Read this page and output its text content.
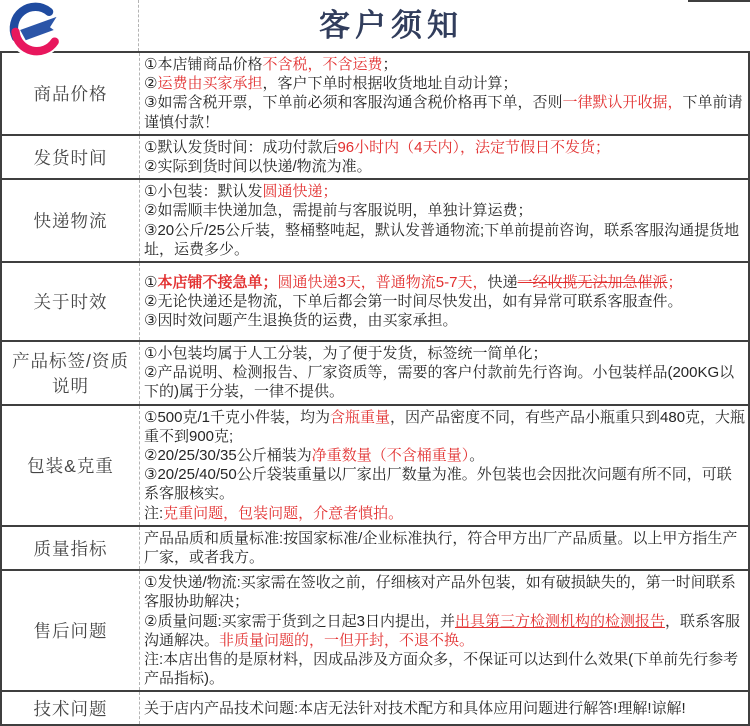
客户须知
商品价格
①本店铺商品价格不含税，不含运费；
②运费由买家承担，客户下单时根据收货地址自动计算；
③如需含税开票，下单前必须和客服沟通含税价格再下单，否则一律默认开收据，下单前请谨慎付款！
发货时间
①默认发货时间：成功付款后96小时内（4天内），法定节假日不发货；
②实际到货时间以快递/物流为准。
快递物流
①小包装：默认发圆通快递；
②如需顺丰快递加急，需提前与客服说明，单独计算运费；
③20公斤/25公斤装，整桶整吨起，默认发普通物流;下单前提前咨询，联系客服沟通提货地址，运费多少。
关于时效
①本店铺不接急单；圆通快递3天，普通物流5-7天，快递一经收揽无法加急催派；
②无论快递还是物流，下单后都会第一时间尽快发出，如有异常可联系客服查件。
③因时效问题产生退换货的运费，由买家承担。
产品标签/资质说明
①小包装均属于人工分装，为了便于发货，标签统一简单化；
②产品说明、检测报告、厂家资质等，需要的客户付款前先行咨询。小包装样品(200KG以下的)属于分装，一律不提供。
包装&克重
①500克/1千克小件装，均为含瓶重量，因产品密度不同，有些产品小瓶重只到480克，大瓶重不到900克;
②20/25/30/35公斤桶装为净重数量（不含桶重量）。
③20/25/40/50公斤袋装重量以厂家出厂数量为准。外包装也会因批次问题有所不同，可联系客服核实。
注:克重问题，包装问题，介意者慎拍。
质量指标
产品品质和质量标准:按国家标准/企业标准执行，符合甲方出厂产品质量。以上甲方指生产厂家，或者我方。
售后问题
①发快递/物流:买家需在签收之前，仔细核对产品外包装，如有破损缺失的，第一时间联系客服协助解决；
②质量问题:买家需于货到之日起3日内提出，并出具第三方检测机构的检测报告，联系客服沟通解决。非质量问题的，一但开封，不退不换。
注:本店出售的是原材料，因成品涉及方面众多，不保证可以达到什么效果(下单前先行参考产品指标)。
技术问题	关于店内产品技术问题:本店无法针对技术配方和具体应用问题进行解答!理解!谅解!
